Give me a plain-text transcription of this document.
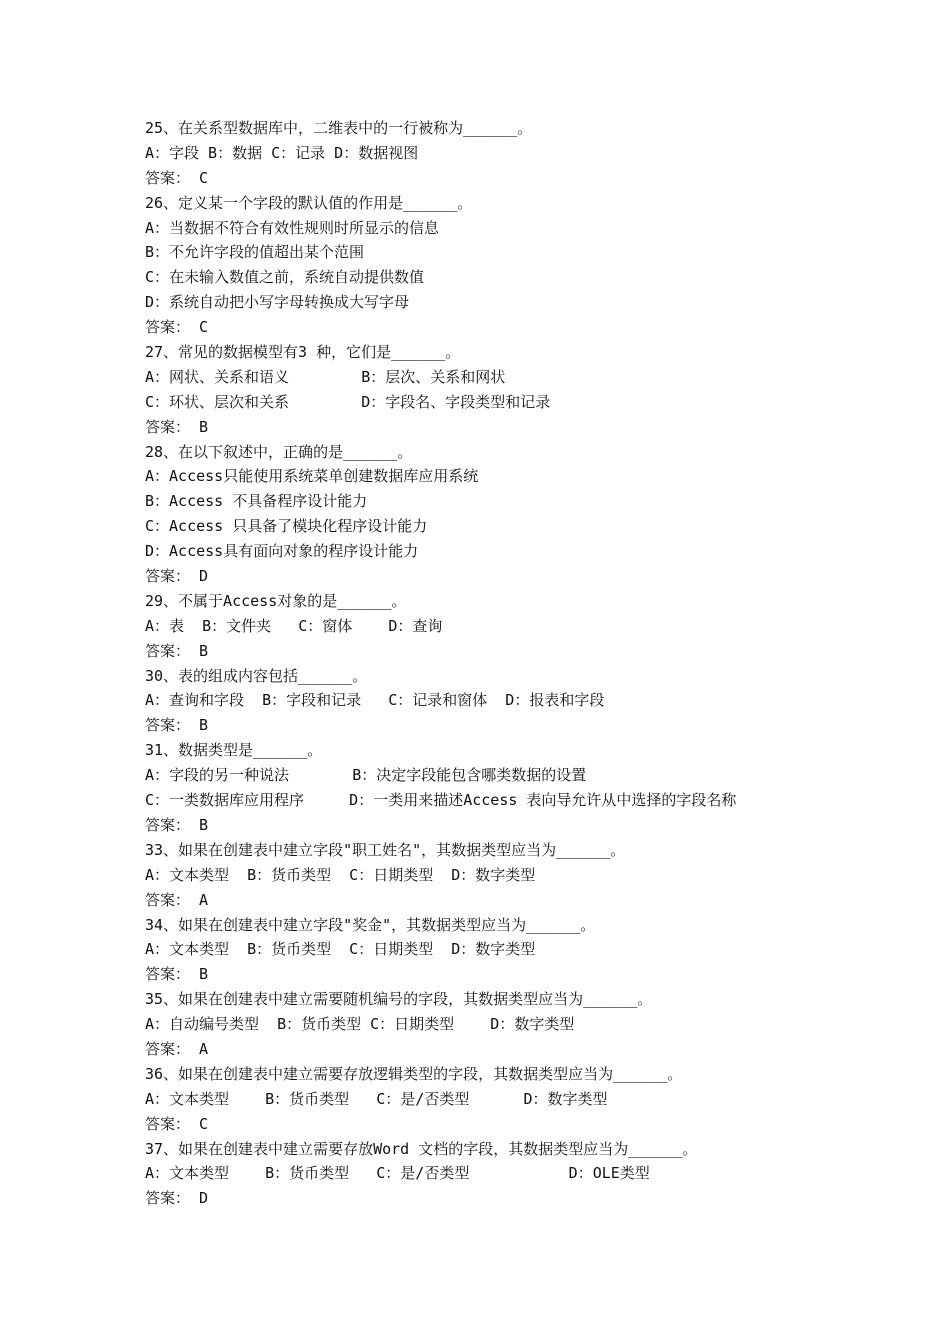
25、在关系型数据库中，二维表中的一行被称为______。
A：字段 B：数据 C：记录 D：数据视图
答案： C
26、定义某一个字段的默认值的作用是______。
A：当数据不符合有效性规则时所显示的信息
B：不允许字段的值超出某个范围
C：在未输入数值之前，系统自动提供数值
D：系统自动把小写字母转换成大写字母
答案： C
27、常见的数据模型有3 种，它们是______。
A：网状、关系和语义        B：层次、关系和网状
C：环状、层次和关系        D：字段名、字段类型和记录
答案： B
28、在以下叙述中，正确的是______。
A：Access只能使用系统菜单创建数据库应用系统
B：Access 不具备程序设计能力
C：Access 只具备了模块化程序设计能力
D：Access具有面向对象的程序设计能力
答案： D
29、不属于Access对象的是______。
A：表  B：文件夹   C：窗体    D：查询
答案： B
30、表的组成内容包括______。
A：查询和字段  B：字段和记录   C：记录和窗体  D：报表和字段
答案： B
31、数据类型是______。
A：字段的另一种说法       B：决定字段能包含哪类数据的设置
C：一类数据库应用程序     D：一类用来描述Access 表向导允许从中选择的字段名称
答案： B
33、如果在创建表中建立字段"职工姓名"，其数据类型应当为______。
A：文本类型  B：货币类型  C：日期类型  D：数字类型
答案： A
34、如果在创建表中建立字段"奖金"，其数据类型应当为______。
A：文本类型  B：货币类型  C：日期类型  D：数字类型
答案： B
35、如果在创建表中建立需要随机编号的字段，其数据类型应当为______。
A：自动编号类型  B：货币类型 C：日期类型    D：数字类型
答案： A
36、如果在创建表中建立需要存放逻辑类型的字段，其数据类型应当为______。
A：文本类型    B：货币类型   C：是/否类型      D：数字类型
答案： C
37、如果在创建表中建立需要存放Word 文档的字段，其数据类型应当为______。
A：文本类型    B：货币类型   C：是/否类型           D：OLE类型
答案： D
